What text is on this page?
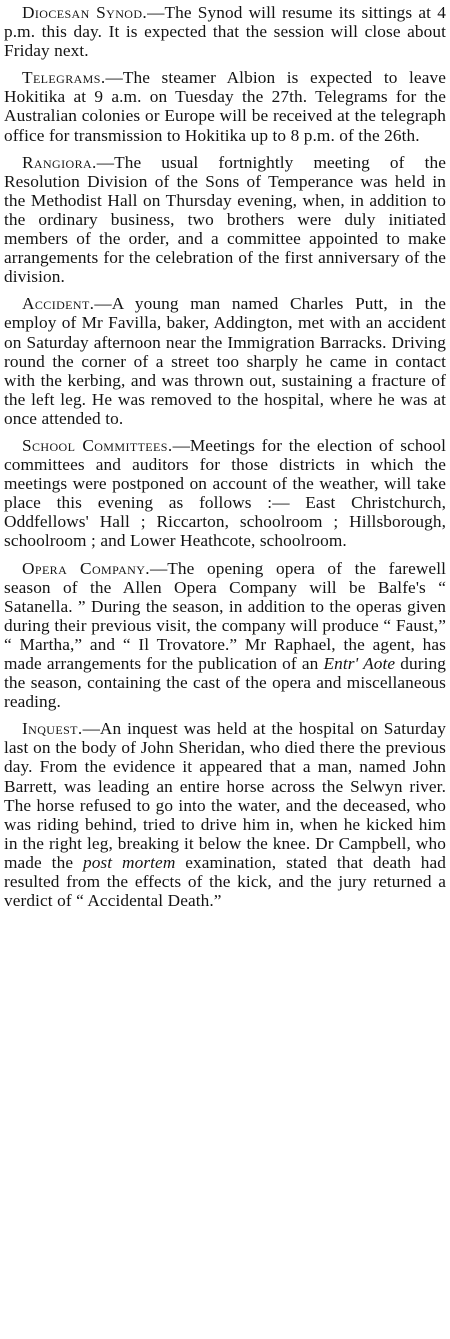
Diocesan Synod.—The Synod will resume its sittings at 4 p.m. this day. It is expected that the session will close about Friday next.

Telegrams.—The steamer Albion is expected to leave Hokitika at 9 a.m. on Tuesday the 27th. Telegrams for the Australian colonies or Europe will be received at the telegraph office for transmission to Hokitika up to 8 p.m. of the 26th.

Rangiora.—The usual fortnightly meeting of the Resolution Division of the Sons of Temperance was held in the Methodist Hall on Thursday evening, when, in addition to the ordinary business, two brothers were duly initiated members of the order, and a committee appointed to make arrangements for the celebration of the first anniversary of the division.

Accident.—A young man named Charles Putt, in the employ of Mr Favilla, baker, Addington, met with an accident on Saturday afternoon near the Immigration Barracks. Driving round the corner of a street too sharply he came in contact with the kerbing, and was thrown out, sustaining a fracture of the left leg. He was removed to the hospital, where he was at once attended to.

School Committees.—Meetings for the election of school committees and auditors for those districts in which the meetings were postponed on account of the weather, will take place this evening as follows :— East Christchurch, Oddfellows' Hall ; Riccarton, schoolroom ; Hillsborough, schoolroom ; and Lower Heathcote, schoolroom.

Opera Company.—The opening opera of the farewell season of the Allen Opera Company will be Balfe's “ Satanella. ” During the season, in addition to the operas given during their previous visit, the company will produce “ Faust,” “ Martha,” and “ Il Trovatore.” Mr Raphael, the agent, has made arrangements for the publication of an Entr' Aote during the season, containing the cast of the opera and miscellaneous reading.

Inquest.—An inquest was held at the hospital on Saturday last on the body of John Sheridan, who died there the previous day. From the evidence it appeared that a man, named John Barrett, was leading an entire horse across the Selwyn river. The horse refused to go into the water, and the deceased, who was riding behind, tried to drive him in, when he kicked him in the right leg, breaking it below the knee. Dr Campbell, who made the post mortem examination, stated that death had resulted from the effects of the kick, and the jury returned a verdict of “ Accidental Death.”
